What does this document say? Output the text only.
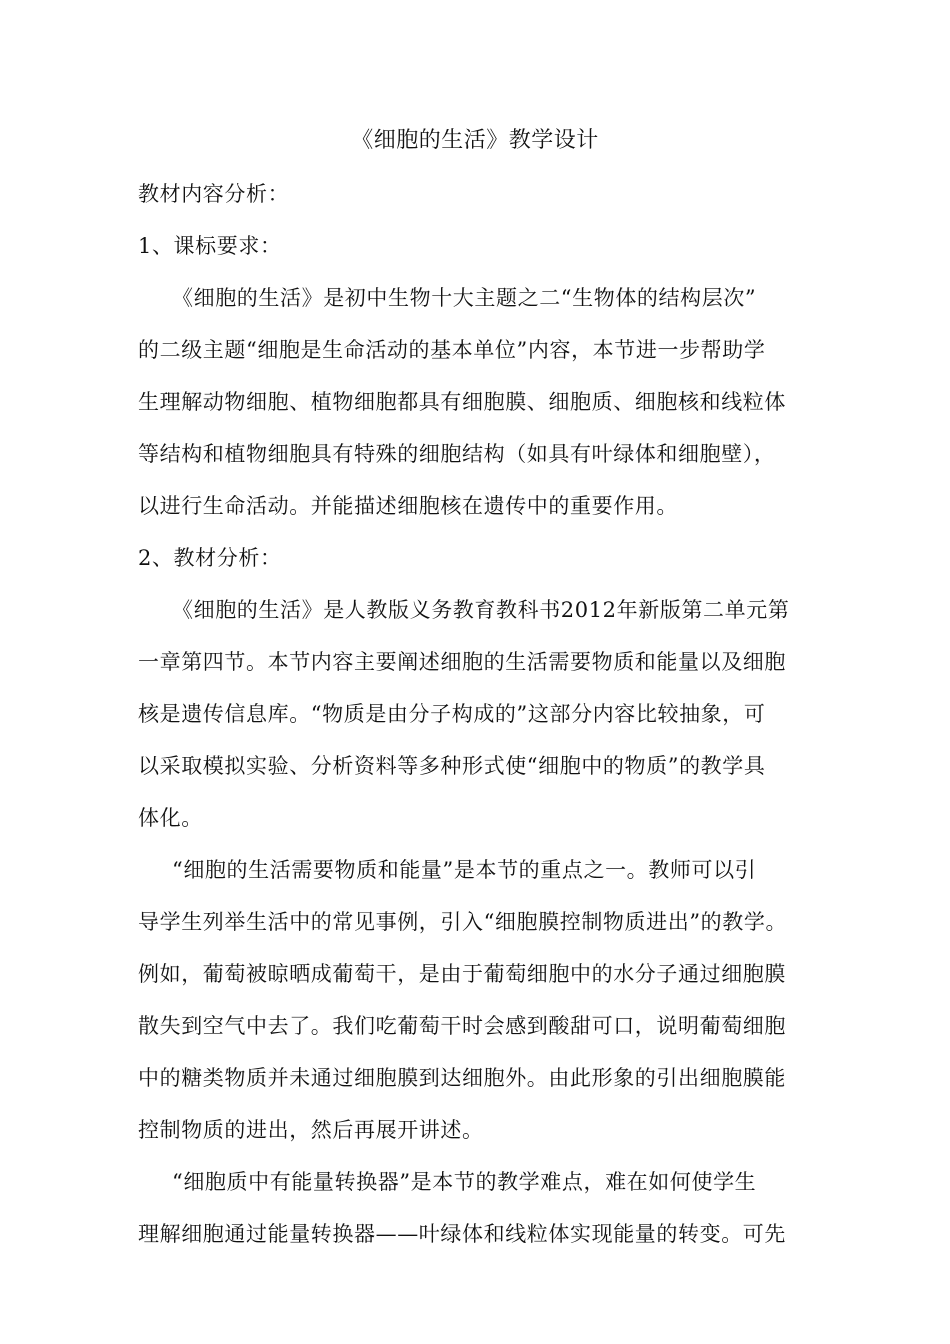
《细胞的生活》教学设计
教材内容分析：
1、课标要求：
《细胞的生活》是初中生物十大主题之二“生物体的结构层次”
的二级主题“细胞是生命活动的基本单位”内容，本节进一步帮助学
生理解动物细胞、植物细胞都具有细胞膜、细胞质、细胞核和线粒体
等结构和植物细胞具有特殊的细胞结构（如具有叶绿体和细胞壁），
以进行生命活动。并能描述细胞核在遗传中的重要作用。
2、教材分析：
《细胞的生活》是人教版义务教育教科书2012年新版第二单元第
一章第四节。本节内容主要阐述细胞的生活需要物质和能量以及细胞
核是遗传信息库。“物质是由分子构成的”这部分内容比较抽象，可
以采取模拟实验、分析资料等多种形式使“细胞中的物质”的教学具
体化。
“细胞的生活需要物质和能量”是本节的重点之一。教师可以引
导学生列举生活中的常见事例，引入“细胞膜控制物质进出”的教学。
例如，葡萄被晾晒成葡萄干，是由于葡萄细胞中的水分子通过细胞膜
散失到空气中去了。我们吃葡萄干时会感到酸甜可口，说明葡萄细胞
中的糖类物质并未通过细胞膜到达细胞外。由此形象的引出细胞膜能
控制物质的进出，然后再展开讲述。
“细胞质中有能量转换器”是本节的教学难点，难在如何使学生
理解细胞通过能量转换器——叶绿体和线粒体实现能量的转变。可先
